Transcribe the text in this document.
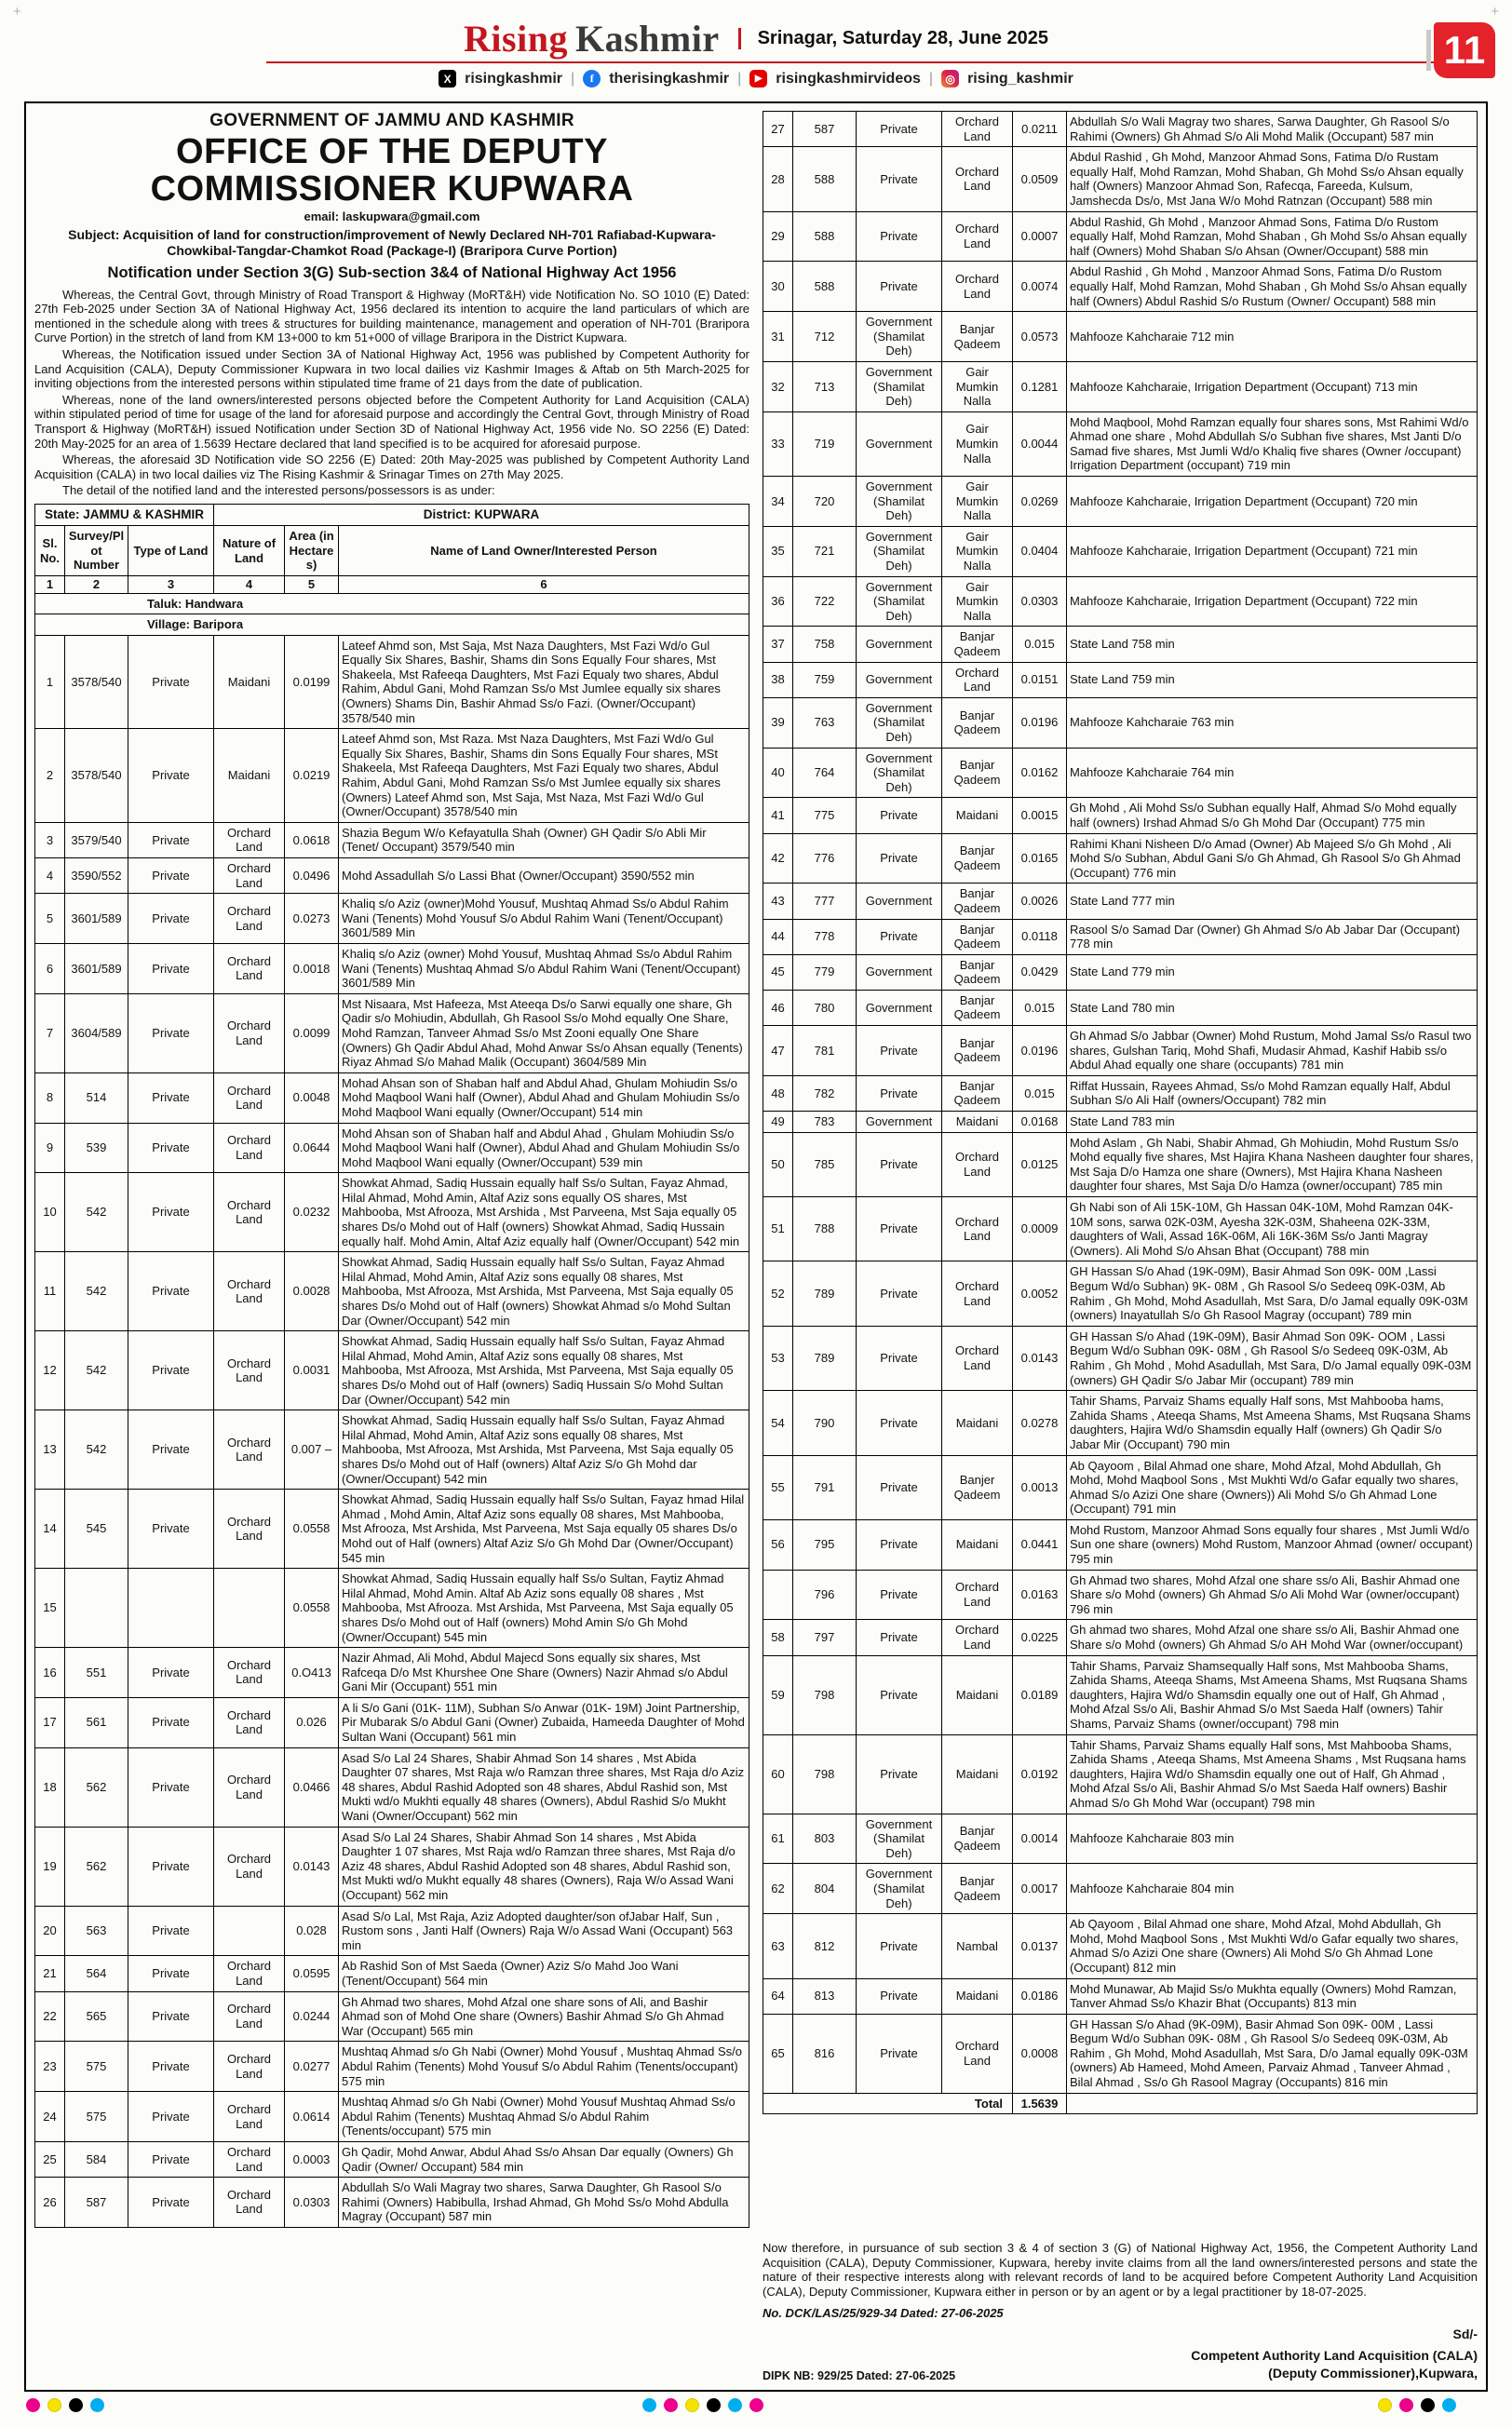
+	+
Rising Kashmir	Srinagar, Saturday 28, June 2025
X risingkashmir |	f	therisingkashmir |	▶ risingkashmirvideos |	◎ rising_kashmir
11
GOVERNMENT OF JAMMU AND KASHMIR
OFFICE OF THE DEPUTY COMMISSIONER KUPWARA
email: laskupwara@gmail.com
Subject: Acquisition of land for construction/improvement of Newly Declared NH-701 Rafiabad-Kupwara-Chowkibal-Tangdar-Chamkot Road (Package-I) (Braripora Curve Portion)
Notification under Section 3(G) Sub-section 3&4 of National Highway Act 1956

Whereas, the Central Govt, through Ministry of Road Transport & Highway (MoRT&H) vide Notification No. SO 1010 (E) Dated: 27th Feb-2025 under Section 3A of National Highway Act, 1956 declared its intention to acquire the land particulars of which are mentioned in the schedule along with trees & structures for building maintenance, management and operation of NH-701 (Braripora Curve Portion) in the stretch of land from KM 13+000 to km 51+000 of village Braripora in the District Kupwara.

Whereas, the Notification issued under Section 3A of National Highway Act, 1956 was published by Competent Authority for Land Acquisition (CALA), Deputy Commissioner Kupwara in two local dailies viz Kashmir Images & Aftab on 5th March-2025 for inviting objections from the interested persons within stipulated time frame of 21 days from the date of publication.

Whereas, none of the land owners/interested persons objected before the Competent Authority for Land Acquisition (CALA) within stipulated period of time for usage of the land for aforesaid purpose and accordingly the Central Govt, through Ministry of Road Transport & Highway (MoRT&H) issued Notification under Section 3D of National Highway Act, 1956 vide No. SO 2256 (E) Dated: 20th May-2025 for an area of 1.5639 Hectare declared that land specified is to be acquired for aforesaid purpose.

Whereas, the aforesaid 3D Notification vide SO 2256 (E) Dated: 20th May-2025 was published by Competent Authority Land Acquisition (CALA) in two local dailies viz The Rising Kashmir & Srinagar Times on 27th May 2025.

The detail of the notified land and the interested persons/possessors is as under:

State: JAMMU & KASHMIR			District: KUPWARA		
Sl. No.	Survey/Plot Number	Type of Land	Nature of Land	Area (in Hectares)	Name of Land Owner/Interested Person
1	2	3	4	5	6
Taluk: Handwara					
Village: Baripora					
1	3578/540	Private	Maidani	0.0199	Lateef Ahmd son, Mst Saja, Mst Naza Daughters, Mst Fazi Wd/o Gul Equally Six Shares, Bashir, Shams din Sons Equally Four shares, Mst Shakeela, Mst Rafeeqa Daughters, Mst Fazi Equaly two shares, Abdul Rahim, Abdul Gani, Mohd Ramzan Ss/o Mst Jumlee equally six shares (Owners) Shams Din, Bashir Ahmad Ss/o Fazi. (Owner/Occupant) 3578/540 min
2	3578/540	Private	Maidani	0.0219	Lateef Ahmd son, Mst Raza. Mst Naza Daughters, Mst Fazi Wd/o Gul Equally Six Shares, Bashir, Shams din Sons Equally Four shares, MSt Shakeela, Mst Rafeeqa Daughters, Mst Fazi Equaly two shares, Abdul Rahim, Abdul Gani, Mohd Ramzan Ss/o Mst Jumlee equally six shares (Owners) Lateef Ahmd son, Mst Saja, Mst Naza, Mst Fazi Wd/o Gul (Owner/Occupant) 3578/540 min
3	3579/540	Private	Orchard Land	0.0618	Shazia Begum W/o Kefayatulla Shah (Owner) GH Qadir S/o Abli Mir (Tenet/ Occupant) 3579/540 min
4	3590/552	Private	Orchard Land	0.0496	Mohd Assadullah S/o Lassi Bhat (Owner/Occupant) 3590/552 min
5	3601/589	Private	Orchard Land	0.0273	Khaliq s/o Aziz (owner)Mohd Yousuf, Mushtaq Ahmad Ss/o Abdul Rahim Wani (Tenents) Mohd Yousuf S/o Abdul Rahim Wani (Tenent/Occupant) 3601/589 Min
6	3601/589	Private	Orchard Land	0.0018	Khaliq s/o Aziz (owner) Mohd Yousuf, Mushtaq Ahmad Ss/o Abdul Rahim Wani (Tenents) Mushtaq Ahmad S/o Abdul Rahim Wani (Tenent/Occupant) 3601/589 Min
7	3604/589	Private	Orchard Land	0.0099	Mst Nisaara, Mst Hafeeza, Mst Ateeqa Ds/o Sarwi equally one share, Gh Qadir s/o Mohiudin, Abdullah, Gh Rasool Ss/o Mohd equally One Share, Mohd Ramzan, Tanveer Ahmad Ss/o Mst Zooni equally One Share (Owners) Gh Qadir Abdul Ahad, Mohd Anwar Ss/o Ahsan equally (Tenents) Riyaz Ahmad S/o Mahad Malik (Occupant) 3604/589 Min
8	514	Private	Orchard Land	0.0048	Mohad Ahsan son of Shaban half and Abdul Ahad, Ghulam Mohiudin Ss/o Mohd Maqbool Wani half (Owner), Abdul Ahad and Ghulam Mohiudin Ss/o Mohd Maqbool Wani equally (Owner/Occupant) 514 min
9	539	Private	Orchard Land	0.0644	Mohd Ahsan son of Shaban half and Abdul Ahad , Ghulam Mohiudin Ss/o Mohd Maqbool Wani half (Owner), Abdul Ahad and Ghulam Mohiudin Ss/o Mohd Maqbool Wani equally (Owner/Occupant) 539 min
10	542	Private	Orchard Land	0.0232	Showkat Ahmad, Sadiq Hussain equally half Ss/o Sultan, Fayaz Ahmad, Hilal Ahmad, Mohd Amin, Altaf Aziz sons equally OS shares, Mst Mahbooba, Mst Afrooza, Mst Arshida , Mst Parveena, Mst Saja equally 05 shares Ds/o Mohd out of Half (owners) Showkat Ahmad, Sadiq Hussain equally half. Mohd Amin, Altaf Aziz equally half (Owner/Occupant) 542 min
11	542	Private	Orchard Land	0.0028	Showkat Ahmad, Sadiq Hussain equally half Ss/o Sultan, Fayaz Ahmad Hilal Ahmad, Mohd Amin, Altaf Aziz sons equally 08 shares, Mst Mahbooba, Mst Afrooza, Mst Arshida, Mst Parveena, Mst Saja equally 05 shares Ds/o Mohd out of Half (owners) Showkat Ahmad s/o Mohd Sultan Dar (Owner/Occupant) 542 min
12	542	Private	Orchard Land	0.0031	Showkat Ahmad, Sadiq Hussain equally half Ss/o Sultan, Fayaz Ahmad Hilal Ahmad, Mohd Amin, Altaf Aziz sons equally 08 shares, Mst Mahbooba, Mst Afrooza, Mst Arshida, Mst Parveena, Mst Saja equally 05 shares Ds/o Mohd out of Half (owners) Sadiq Hussain S/o Mohd Sultan Dar (Owner/Occupant) 542 min
13	542	Private	Orchard Land	0.007 –	Showkat Ahmad, Sadiq Hussain equally half Ss/o Sultan, Fayaz Ahmad Hilal Ahmad, Mohd Amin, Altaf Aziz sons equally 08 shares, Mst Mahbooba, Mst Afrooza, Mst Arshida, Mst Parveena, Mst Saja equally 05 shares Ds/o Mohd out of Half (owners) Altaf Aziz S/o Gh Mohd dar (Owner/Occupant) 542 min
14	545	Private	Orchard Land	0.0558	Showkat Ahmad, Sadiq Hussain equally half Ss/o Sultan, Fayaz hmad Hilal Ahmad , Mohd Amin, Altaf Aziz sons equally 08 shares, Mst Mahbooba, Mst Afrooza, Mst Arshida, Mst Parveena, Mst Saja equally 05 shares Ds/o Mohd out of Half (owners) Altaf Aziz S/o Gh Mohd Dar (Owner/Occupant) 545 min
15				0.0558	Showkat Ahmad, Sadiq Hussain equally half Ss/o Sultan, Faytiz Ahmad Hilal Ahmad, Mohd Amin. Altaf Ab Aziz sons equally 08 shares , Mst Mahbooba, Mst Afrooza. Mst Arshida, Mst Parveena, Mst Saja equally 05 shares Ds/o Mohd out of Half (owners) Mohd Amin S/o Gh Mohd (Owner/Occupant) 545 min
16	551	Private	Orchard Land	0.O413	Nazir Ahmad, Ali Mohd, Abdul Majecd Sons equally six shares, Mst Rafceqa D/o Mst Khurshee One Share (Owners) Nazir Ahmad s/o Abdul Gani Mir (Occupant) 551 min
17	561	Private	Orchard Land	0.026	A li S/o Gani (01K- 11M), Subhan S/o Anwar (01K- 19M) Joint Partnership, Pir Mubarak S/o Abdul Gani (Owner) Zubaida, Hameeda Daughter of Mohd Sultan Wani (Occupant) 561 min
18	562	Private	Orchard Land	0.0466	Asad S/o Lal 24 Shares, Shabir Ahmad Son 14 shares , Mst Abida Daughter 07 shares, Mst Raja w/o Ramzan three shares, Mst Raja d/o Aziz 48 shares, Abdul Rashid Adopted son 48 shares, Abdul Rashid son, Mst Mukti wd/o Mukhti equally 48 shares (Owners), Abdul Rashid S/o Mukht Wani (Owner/Occupant) 562 min
19	562	Private	Orchard Land	0.0143	Asad S/o Lal 24 Shares, Shabir Ahmad Son 14 shares , Mst Abida Daughter 1 07 shares, Mst Raja wd/o Ramzan three shares, Mst Raja d/o Aziz 48 shares, Abdul Rashid Adopted son 48 shares, Abdul Rashid son, Mst Mukti wd/o Mukht equally 48 shares (Owners), Raja W/o Assad Wani (Occupant) 562 min
20	563	Private		0.028	Asad S/o Lal, Mst Raja, Aziz Adopted daughter/son ofJabar Half, Sun , Rustom sons , Janti Half (Owners) Raja W/o Assad Wani (Occupant) 563 min
21	564	Private	Orchard Land	0.0595	Ab Rashid Son of Mst Saeda (Owner) Aziz S/o Mahd Joo Wani (Tenent/Occupant) 564 min
22	565	Private	Orchard Land	0.0244	Gh Ahmad two shares, Mohd Afzal one share sons of Ali, and Bashir Ahmad son of Mohd One share (Owners) Bashir Ahmad S/o Gh Ahmad War (Occupant) 565 min
23	575	Private	Orchard Land	0.0277	Mushtaq Ahmad s/o Gh Nabi (Owner) Mohd Yousuf , Mushtaq Ahmad Ss/o Abdul Rahim (Tenents) Mohd Yousuf S/o Abdul Rahim (Tenents/occupant) 575 min
24	575	Private	Orchard Land	0.0614	Mushtaq Ahmad s/o Gh Nabi (Owner) Mohd Yousuf Mushtaq Ahmad Ss/o Abdul Rahim (Tenents) Mushtaq Ahmad S/o Abdul Rahim (Tenents/occupant) 575 min
25	584	Private	Orchard Land	0.0003	Gh Qadir, Mohd Anwar, Abdul Ahad Ss/o Ahsan Dar equally (Owners) Gh Qadir (Owner/ Occupant) 584 min
26	587	Private	Orchard Land	0.0303	Abdullah S/o Wali Magray two shares, Sarwa Daughter, Gh Rasool S/o Rahimi (Owners) Habibulla, Irshad Ahmad, Gh Mohd Ss/o Mohd Abdulla Magray (Occupant) 587 min
27	587	Private	Orchard Land	0.0211	Abdullah S/o Wali Magray two shares, Sarwa Daughter, Gh Rasool S/o Rahimi (Owners) Gh Ahmad S/o Ali Mohd Malik (Occupant) 587 min
28	588	Private	Orchard Land	0.0509	Abdul Rashid , Gh Mohd, Manzoor Ahmad Sons, Fatima D/o Rustam equally Half, Mohd Ramzan, Mohd Shaban, Gh Mohd Ss/o Ahsan equally half (Owners) Manzoor Ahmad Son, Rafecqa, Fareeda, Kulsum, Jamshecda Ds/o, Mst Jana W/o Mohd Ratnzan (Occupant) 588 min
29	588	Private	Orchard Land	0.0007	Abdul Rashid, Gh Mohd , Manzoor Ahmad Sons, Fatima D/o Rustom equally Half, Mohd Ramzan, Mohd Shaban , Gh Mohd Ss/o Ahsan equally half (Owners) Mohd Shaban S/o Ahsan (Owner/Occupant) 588 min
30	588	Private	Orchard Land	0.0074	Abdul Rashid , Gh Mohd , Manzoor Ahmad Sons, Fatima D/o Rustom equally Half, Mohd Ramzan, Mohd Shaban , Gh Mohd Ss/o Ahsan equally half (Owners) Abdul Rashid S/o Rustum (Owner/ Occupant) 588 min
31	712	Government (Shamilat Deh)	Banjar Qadeem	0.0573	Mahfooze Kahcharaie 712 min
32	713	Government (Shamilat Deh)	Gair Mumkin Nalla	0.1281	Mahfooze Kahcharaie, Irrigation Department (Occupant) 713 min
33	719	Government	Gair Mumkin Nalla	0.0044	Mohd Maqbool, Mohd Ramzan equally four shares sons, Mst Rahimi Wd/o Ahmad one share , Mohd Abdullah S/o Subhan five shares, Mst Janti D/o Samad five shares, Mst Jumli Wd/o Khaliq five shares (Owner /occupant) Irrigation Department (occupant) 719 min
34	720	Government (Shamilat Deh)	Gair Mumkin Nalla	0.0269	Mahfooze Kahcharaie, Irrigation Department (Occupant) 720 min
35	721	Government (Shamilat Deh)	Gair Mumkin Nalla	0.0404	Mahfooze Kahcharaie, Irrigation Department (Occupant) 721 min
36	722	Government (Shamilat Deh)	Gair Mumkin Nalla	0.0303	Mahfooze Kahcharaie, Irrigation Department (Occupant) 722 min
37	758	Government	Banjar Qadeem	0.015	State Land 758 min
38	759	Government	Orchard Land	0.0151	State Land 759 min
39	763	Government (Shamilat Deh)	Banjar Qadeem	0.0196	Mahfooze Kahcharaie 763 min
40	764	Government (Shamilat Deh)	Banjar Qadeem	0.0162	Mahfooze Kahcharaie 764 min
41	775	Private	Maidani	0.0015	Gh Mohd , Ali Mohd Ss/o Subhan equally Half, Ahmad S/o Mohd equally half (owners) Irshad Ahmad S/o Gh Mohd Dar (Occupant) 775 min
42	776	Private	Banjar Qadeem	0.0165	Rahimi Khani Nisheen D/o Amad (Owner) Ab Majeed S/o Gh Mohd , Ali Mohd S/o Subhan, Abdul Gani S/o Gh Ahmad, Gh Rasool S/o Gh Ahmad (Occupant) 776 min
43	777	Government	Banjar Qadeem	0.0026	State Land 777 min
44	778	Private	Banjar Qadeem	0.0118	Rasool S/o Samad Dar (Owner) Gh Ahmad S/o Ab Jabar Dar (Occupant) 778 min
45	779	Government	Banjar Qadeem	0.0429	State Land 779 min
46	780	Government	Banjar Qadeem	0.015	State Land 780 min
47	781	Private	Banjar Qadeem	0.0196	Gh Ahmad S/o Jabbar (Owner) Mohd Rustum, Mohd Jamal Ss/o Rasul two shares, Gulshan Tariq, Mohd Shafi, Mudasir Ahmad, Kashif Habib ss/o Abdul Ahad equally one share (occupants) 781 min
48	782	Private	Banjar Qadeem	0.015	Riffat Hussain, Rayees Ahmad, Ss/o Mohd Ramzan equally Half, Abdul Subhan S/o Ali Half (owners/Occupant) 782 min
49	783	Government	Maidani	0.0168	State Land 783 min
50	785	Private	Orchard Land	0.0125	Mohd Aslam , Gh Nabi, Shabir Ahmad, Gh Mohiudin, Mohd Rustum Ss/o Mohd equally five shares, Mst Hajira Khana Nasheen daughter four shares, Mst Saja D/o Hamza one share (Owners), Mst Hajira Khana Nasheen daughter four shares, Mst Saja D/o Hamza (owner/occupant) 785 min
51	788	Private	Orchard Land	0.0009	Gh Nabi son of Ali 15K-10M, Gh Hassan 04K-10M, Mohd Ramzan 04K- 10M sons, sarwa 02K-03M, Ayesha 32K-03M, Shaheena 02K-33M, daughters of Wali, Assad 16K-06M, Ali 16K-36M Ss/o Janti Magray (Owners). Ali Mohd S/o Ahsan Bhat (Occupant) 788 min
52	789	Private	Orchard Land	0.0052	GH Hassan S/o Ahad (19K-09M), Basir Ahmad Son 09K- 00M ,Lassi Begum Wd/o Subhan) 9K- 08M , Gh Rasool S/o Sedeeq 09K-03M, Ab Rahim , Gh Mohd, Mohd Asadullah, Mst Sara, D/o Jamal equally 09K-03M (owners) Inayatullah S/o Gh Rasool Magray (occupant) 789 min
53	789	Private	Orchard Land	0.0143	GH Hassan S/o Ahad (19K-09M), Basir Ahmad Son 09K- OOM , Lassi Begum Wd/o Subhan 09K- 08M , Gh Rasool S/o Sedeeq 09K-03M, Ab Rahim , Gh Mohd , Mohd Asadullah, Mst Sara, D/o Jamal equally 09K-03M (owners) GH Qadir S/o Jabar Mir (occupant) 789 min
54	790	Private	Maidani	0.0278	Tahir Shams, Parvaiz Shams equally Half sons, Mst Mahbooba hams, Zahida Shams , Ateeqa Shams, Mst Ameena Shams, Mst Ruqsana Shams daughters, Hajira Wd/o Shamsdin equally Half (owners) Gh Qadir S/o Jabar Mir (Occupant) 790 min
55	791	Private	Banjer Qadeem	0.0013	Ab Qayoom , Bilal Ahmad one share, Mohd Afzal, Mohd Abdullah, Gh Mohd, Mohd Maqbool Sons , Mst Mukhti Wd/o Gafar equally two shares, Ahmad S/o Azizi One share (Owners)) Ali Mohd S/o Gh Ahmad Lone (Occupant) 791 min
56	795	Private	Maidani	0.0441	Mohd Rustom, Manzoor Ahmad Sons equally four shares , Mst Jumli Wd/o Sun one share (owners) Mohd Rustom, Manzoor Ahmad (owner/ occupant) 795 min
	796	Private	Orchard Land	0.0163	Gh Ahmad two shares, Mohd Afzal one share ss/o Ali, Bashir Ahmad one Share s/o Mohd (owners) Gh Ahmad S/o Ali Mohd War (owner/occupant) 796 min
58	797	Private	Orchard Land	0.0225	Gh ahmad two shares, Mohd Afzal one share ss/o Ali, Bashir Ahmad one Share s/o Mohd (owners) Gh Ahmad S/o AH Mohd War (owner/occupant)
59	798	Private	Maidani	0.0189	Tahir Shams, Parvaiz Shamsequally Half sons, Mst Mahbooba Shams, Zahida Shams, Ateeqa Shams, Mst Ameena Shams, Mst Ruqsana Shams daughters, Hajira Wd/o Shamsdin equally one out of Half, Gh Ahmad , Mohd Afzal Ss/o Ali, Bashir Ahmad S/o Mst Saeda Half (owners) Tahir Shams, Parvaiz Shams (owner/occupant) 798 min
60	798	Private	Maidani	0.0192	Tahir Shams, Parvaiz Shams equally Half sons, Mst Mahbooba Shams, Zahida Shams , Ateeqa Shams, Mst Ameena Shams , Mst Ruqsana hams daughters, Hajira Wd/o Shamsdin equally one out of Half, Gh Ahmad , Mohd Afzal Ss/o Ali, Bashir Ahmad S/o Mst Saeda Half owners) Bashir Ahmad S/o Gh Mohd War (occupant) 798 min
61	803	Government (Shamilat Deh)	Banjar Qadeem	0.0014	Mahfooze Kahcharaie 803 min
62	804	Government (Shamilat Deh)	Banjar Qadeem	0.0017	Mahfooze Kahcharaie 804 min
63	812	Private	Nambal	0.0137	Ab Qayoom , Bilal Ahmad one share, Mohd Afzal, Mohd Abdullah, Gh Mohd, Mohd Maqbool Sons , Mst Mukhti Wd/o Gafar equally two shares, Ahmad S/o Azizi One share (Owners) Ali Mohd S/o Gh Ahmad Lone (Occupant) 812 min
64	813	Private	Maidani	0.0186	Mohd Munawar, Ab Majid Ss/o Mukhta equally (Owners) Mohd Ramzan, Tanver Ahmad Ss/o Khazir Bhat (Occupants) 813 min
65	816	Private	Orchard Land	0.0008	GH Hassan S/o Ahad (9K-09M), Basir Ahmad Son 09K- 00M , Lassi Begum Wd/o Subhan 09K- 08M , Gh Rasool S/o Sedeeq 09K-03M, Ab Rahim , Gh Mohd, Mohd Asadullah, Mst Sara, D/o Jamal equally 09K-03M (owners) Ab Hameed, Mohd Ameen, Parvaiz Ahmad , Tanveer Ahmad , Bilal Ahmad , Ss/o Gh Rasool Magray (Occupants) 816 min
Total				1.5639	

Now therefore, in pursuance of sub section 3 & 4 of section 3 (G) of National Highway Act, 1956, the Competent Authority Land Acquisition (CALA), Deputy Commissioner, Kupwara, hereby invite claims from all the land owners/interested persons and state the nature of their respective interests along with relevant records of land to be acquired before Competent Authority Land Acquisition (CALA), Deputy Commissioner, Kupwara either in person or by an agent or by a legal practitioner by 18-07-2025.

No. DCK/LAS/25/929-34 Dated: 27-06-2025
DIPK NB: 929/25 Dated: 27-06-2025
Sd/-
Competent Authority Land Acquisition (CALA)
(Deputy Commissioner),Kupwara,
